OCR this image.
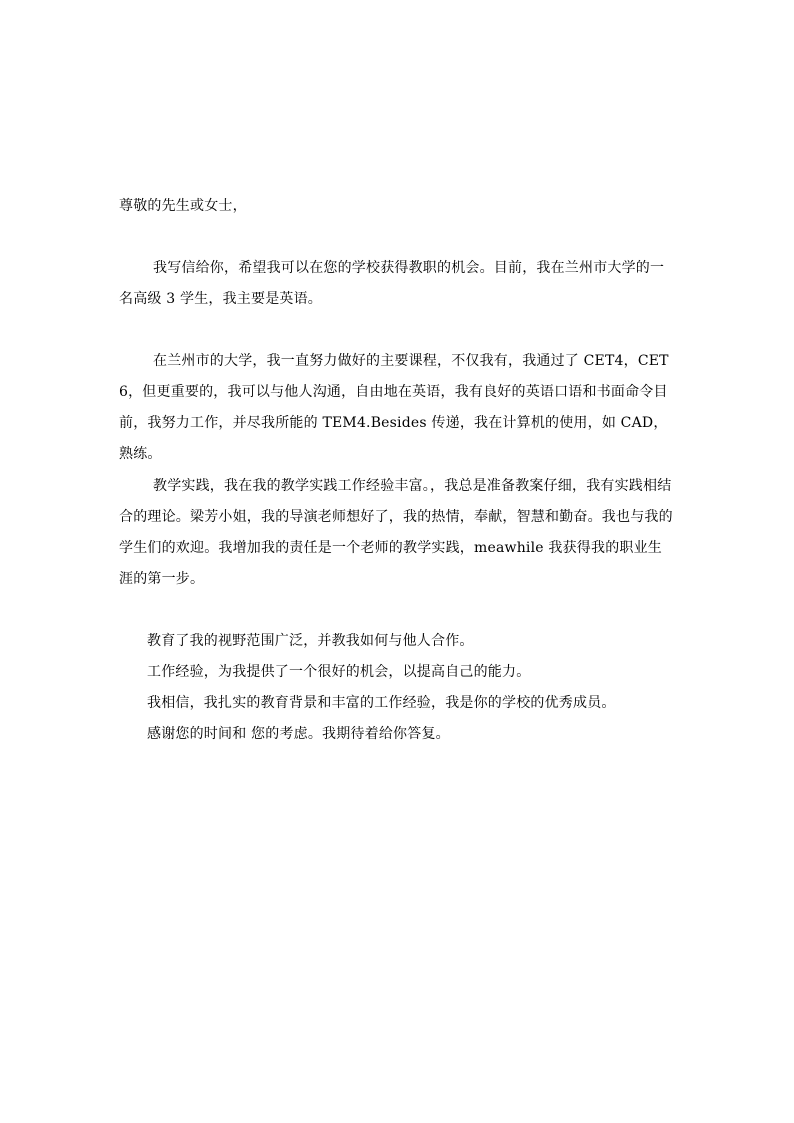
尊敬的先生或女士，

我写信给你，希望我可以在您的学校获得教职的机会。目前，我在兰州市大学的一名高级 3 学生，我主要是英语。

在兰州市的大学，我一直努力做好的主要课程，不仅我有，我通过了 CET4，CET6，但更重要的，我可以与他人沟通，自由地在英语，我有良好的英语口语和书面命令目前，我努力工作，并尽我所能的 TEM4.Besides 传递，我在计算机的使用，如 CAD，熟练。

教学实践，我在我的教学实践工作经验丰富。，我总是准备教案仔细，我有实践相结合的理论。梁芳小姐，我的导演老师想好了，我的热情，奉献，智慧和勤奋。我也与我的学生们的欢迎。我增加我的责任是一个老师的教学实践，meawhile 我获得我的职业生涯的第一步。

教育了我的视野范围广泛，并教我如何与他人合作。
工作经验，为我提供了一个很好的机会，以提高自己的能力。
我相信，我扎实的教育背景和丰富的工作经验，我是你的学校的优秀成员。
感谢您的时间和 您的考虑。我期待着给你答复。
